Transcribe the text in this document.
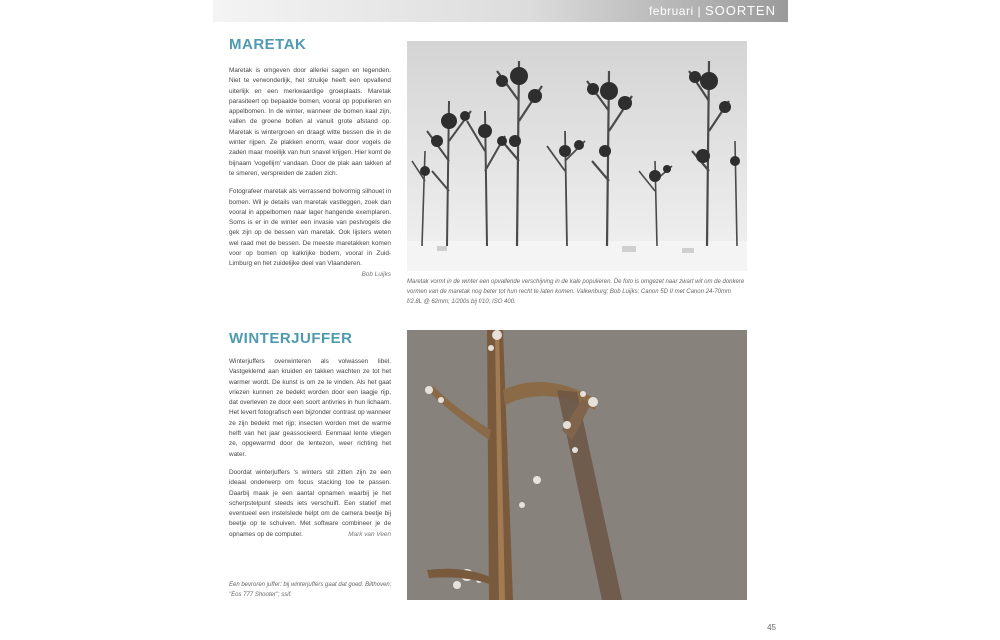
februari | SOORTEN
MARETAK

Maretak is omgeven door allerlei sagen en legenden. Niet te verwonderlijk, het struikje heeft een opvallend uiterlijk en een merkwaardige groeiplaats. Maretak parasiteert op bepaalde bomen, vooral op populieren en appelbomen. In de winter, wanneer de bomen kaal zijn, vallen de groene bollen al vanuit grote afstand op. Maretak is wintergroen en draagt witte bessen die in de winter rijpen. Ze plakken enorm, waar door vogels de zaden maar moeilijk van hun snavel krijgen. Hier komt de bijnaam 'vogellijm' vandaan. Door de plak aan takken af te smeren, verspreiden de zaden zich.

Fotografeer maretak als verrassend bolvormig silhouet in bomen. Wil je details van maretak vastleggen, zoek dan vooral in appelbomen naar lager hangende exemplaren. Soms is er in de winter een invasie van pestvogels die gek zijn op de bessen van maretak. Ook lijsters weten wel raad met de bessen. De meeste maretakken komen voor op bomen op kalkrijke bodem, vooral in Zuid-Limburg en het zuidelijke deel van Vlaanderen.
Bob Luijks

Maretak vormt in de winter een opvallende verschijning in de kale populieren. De foto is omgezet naar zwart wit om de donkere vormen van de maretak nog beter tot hun recht te laten komen. Valkenburg; Bob Luijks; Canon 5D II met Canon 24-70mm f/2.8L @ 62mm; 1/200s bij f/10; ISO 400.
WINTERJUFFER

Winterjuffers overwinteren als volwassen libel. Vastgeklemd aan kruiden en takken wachten ze tot het warmer wordt. De kunst is om ze te vinden. Als het gaat vriezen kunnen ze bedekt worden door een laagje rijp, dat overleven ze door een soort antivries in hun lichaam. Het levert fotografisch een bijzonder contrast op wanneer ze zijn bedekt met rijp; insecten worden met de warme helft van het jaar geassocieerd. Eenmaal lente vliegen ze, opgewarmd door de lentezon, weer richting het water.

Doordat winterjuffers 's winters stil zitten zijn ze een ideaal onderwerp om focus stacking toe te passen. Daarbij maak je een aantal opnamen waarbij je het scherpstelpunt steeds iets verschuift. Een statief met eventueel een instelsIede helpt om de camera beetje bij beetje op te schuiven. Met software combineer je de opnames op de computer.	Mark van Veen

Een bevroren juffer: bij winterjuffers gaat dat goed. Bilthoven; "Eos 777 Shooter"; ssif.
45
